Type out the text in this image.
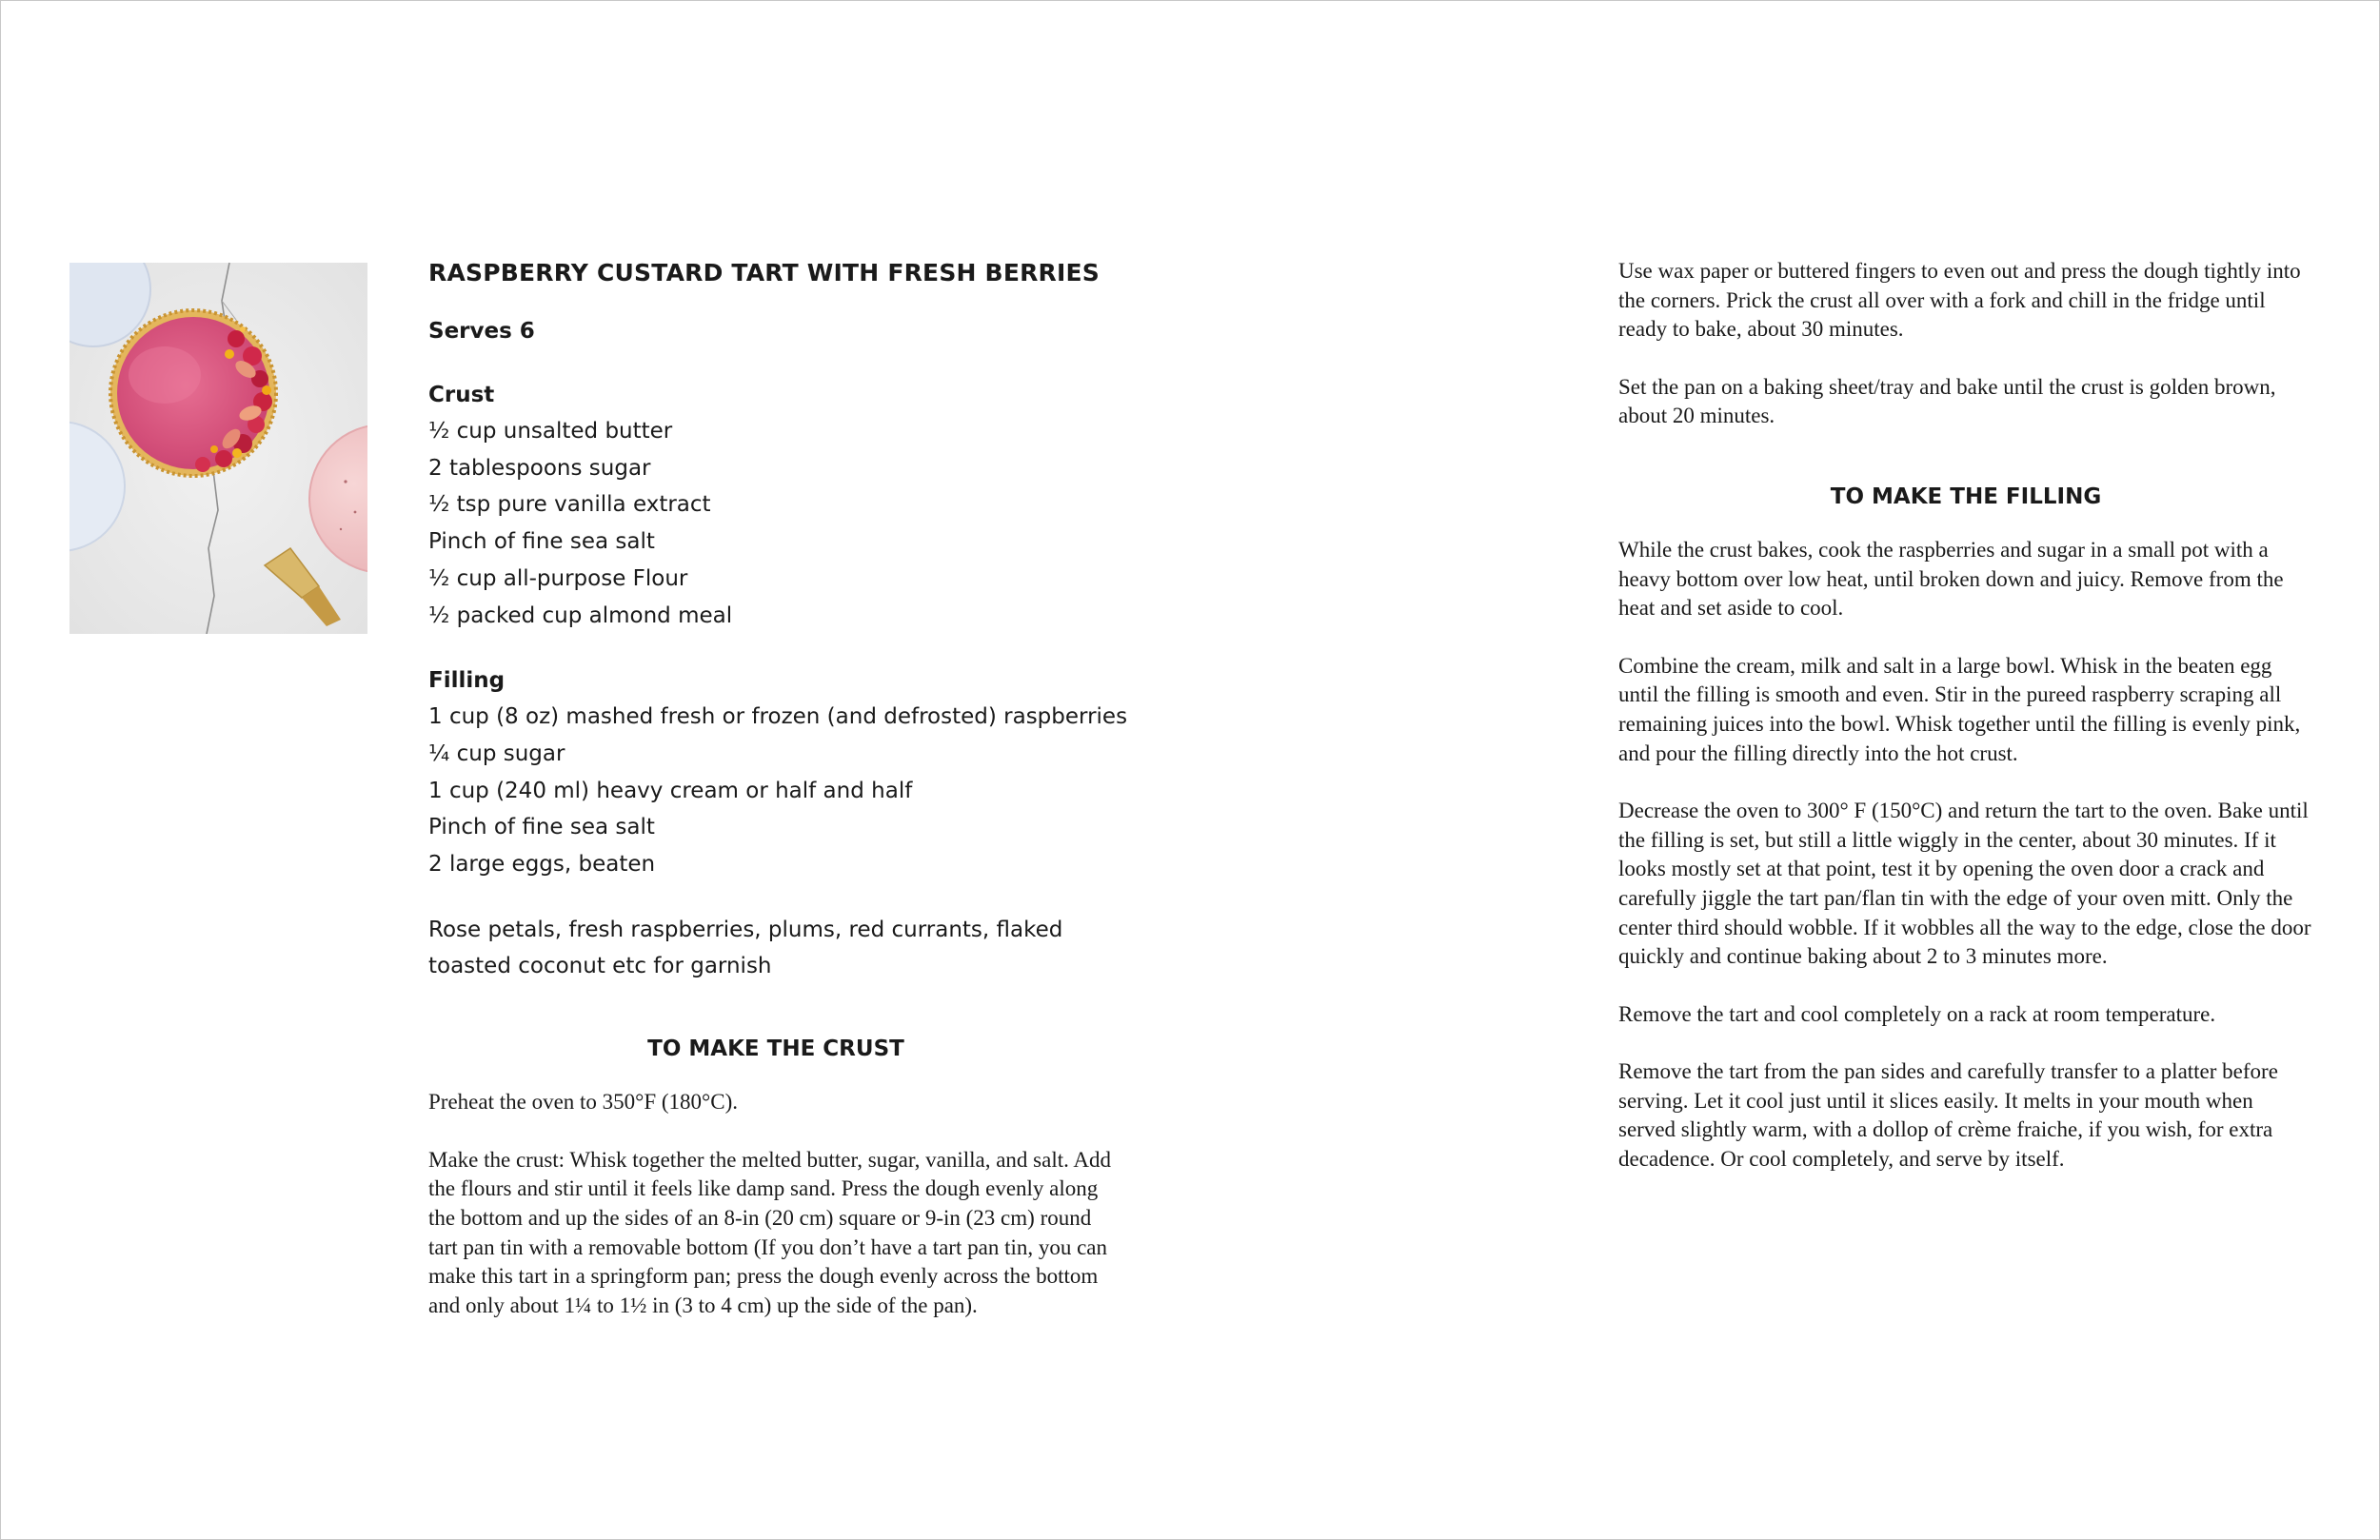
RASPBERRY CUSTARD TART WITH FRESH BERRIES
Serves 6
Crust
½ cup unsalted butter
2 tablespoons sugar
½ tsp pure vanilla extract
Pinch of fine sea salt
½ cup all-purpose Flour
½ packed cup almond meal
Filling
1 cup (8 oz) mashed fresh or frozen (and defrosted) raspberries
¼ cup sugar
1 cup (240 ml) heavy cream or half and half
Pinch of fine sea salt
2 large eggs, beaten
Rose petals, fresh raspberries, plums, red currants, flaked toasted coconut etc for garnish
TO MAKE THE CRUST

Preheat the oven to 350°F (180°C).

Make the crust: Whisk together the melted butter, sugar, vanilla, and salt. Add the flours and stir until it feels like damp sand. Press the dough evenly along the bottom and up the sides of an 8-in (20 cm) square or 9-in (23 cm) round tart pan tin with a removable bottom (If you don’t have a tart pan tin, you can make this tart in a springform pan; press the dough evenly across the bottom and only about 1¼ to 1½ in (3 to 4 cm) up the side of the pan).

Use wax paper or buttered fingers to even out and press the dough tightly into the corners. Prick the crust all over with a fork and chill in the fridge until ready to bake, about 30 minutes.

Set the pan on a baking sheet/tray and bake until the crust is golden brown, about 20 minutes.

TO MAKE THE FILLING

While the crust bakes, cook the raspberries and sugar in a small pot with a heavy bottom over low heat, until broken down and juicy. Remove from the heat and set aside to cool.

Combine the cream, milk and salt in a large bowl. Whisk in the beaten egg until the filling is smooth and even. Stir in the pureed raspberry scraping all remaining juices into the bowl. Whisk together until the filling is evenly pink, and pour the filling directly into the hot crust.

Decrease the oven to 300° F (150°C) and return the tart to the oven. Bake until the filling is set, but still a little wiggly in the center, about 30 minutes. If it looks mostly set at that point, test it by opening the oven door a crack and carefully jiggle the tart pan/flan tin with the edge of your oven mitt. Only the center third should wobble. If it wobbles all the way to the edge, close the door quickly and continue baking about 2 to 3 minutes more.

Remove the tart and cool completely on a rack at room temperature.

Remove the tart from the pan sides and carefully transfer to a platter before serving. Let it cool just until it slices easily. It melts in your mouth when served slightly warm, with a dollop of crème fraiche, if you wish, for extra decadence. Or cool completely, and serve by itself.
